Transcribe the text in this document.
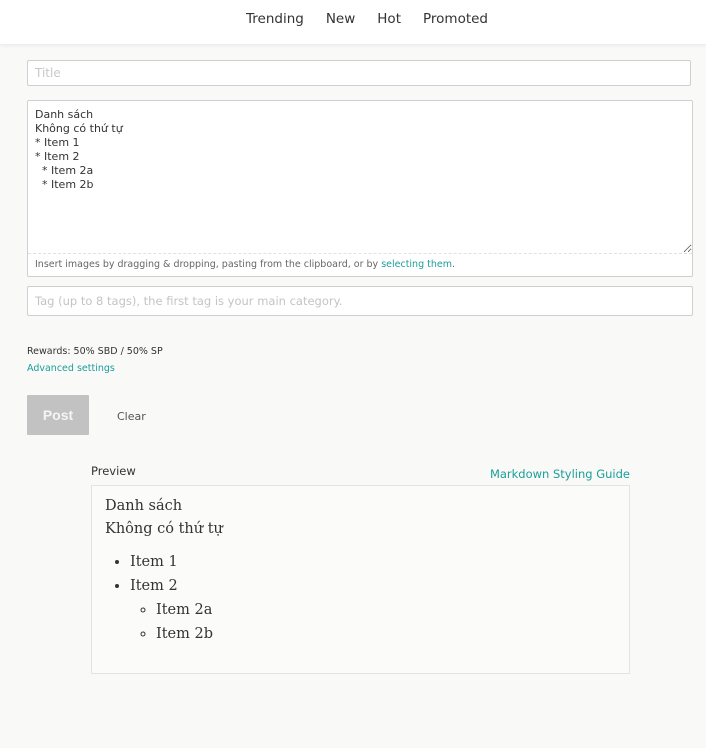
Trending New Hot Promoted
Title
Danh sách Không có thứ tự * Item 1 * Item 2 * Item 2a * Item 2b
Insert images by dragging & dropping, pasting from the clipboard, or by selecting them.
Tag (up to 8 tags), the first tag is your main category.
Rewards: 50% SBD / 50% SP
Advanced settings
Post	Clear
Preview	Markdown Styling Guide

Danh sách
Không có thứ tự

• Item 1
• Item 2
◦ Item 2a
◦ Item 2b
